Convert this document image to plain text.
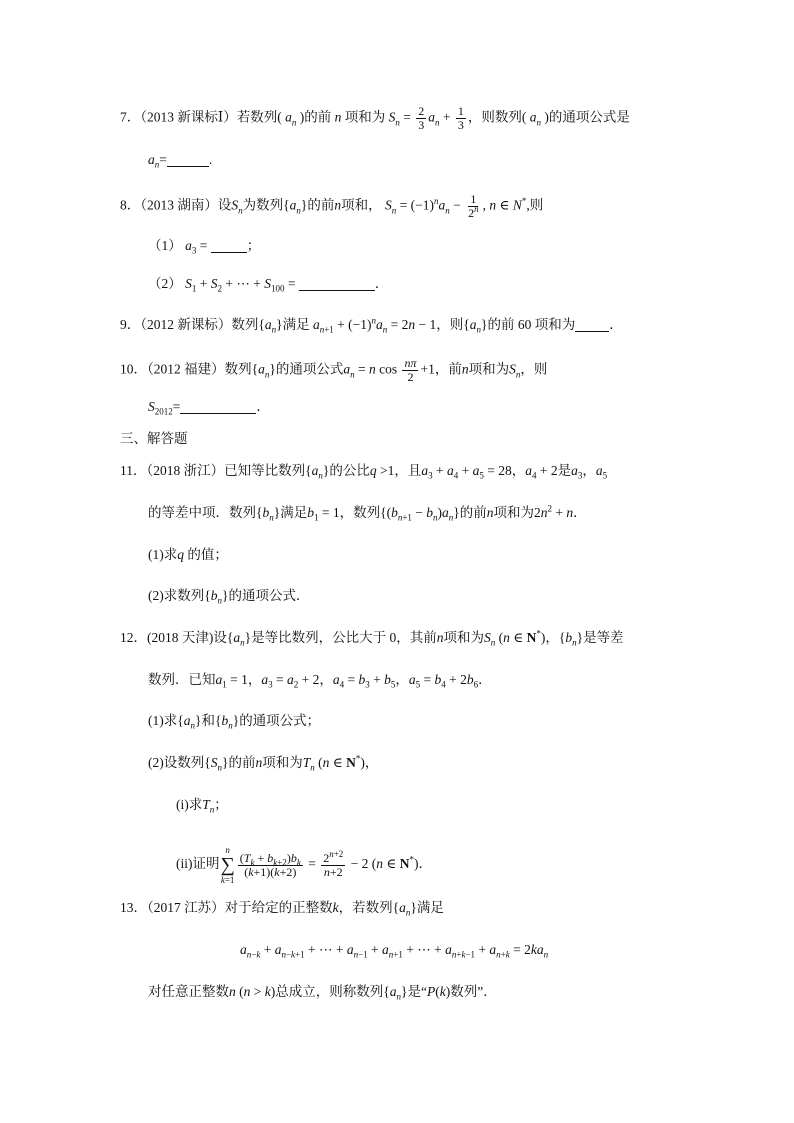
7．（2013 新课标Ⅰ）若数列( $a_n$ )的前 n 项和为 $S_n = \frac{2}{3} a_n + \frac{1}{3}$ ，则数列( $a_n$ )的通项公式是
$a_n=$	.
8．（2013 湖南）设$S_n$为数列$\{a_n\}$的前n项和， $S_n = (-1)^na_n - \frac{1}{2^n}$ , n ∈ N*,则
（1） $a_3$ =	；
（2） $S_1 + S_2$ + ⋯ + $S_{100}$ =	．
9．（2012 新课标）数列$\{a_n\}$满足 $a_{n+1} + (-1)^na_n = 2n - 1$，则$\{a_n\}$的前 60 项和为	．
10．（2012 福建）数列$\{a_n\}$的通项公式$a_n = n$ $\cos \frac{n\pi}{2} +1$，前n项和为$S_n$，则
$S_{2012}=$	．
三、解答题
11．（2018 浙江）已知等比数列$\{a_n\}$的公比q >1，且$a_3 + a_4 + a_5 = 28$，$a_4 + 2$是$a_3$，$a_5$
的等差中项．数列$\{b_n\}$满足$b_1 = 1$，数列$\{(b_{n+1} - b_n)a_n\}$的前n项和为$2n^2 + n$．
(1)求q 的值；
(2)求数列$\{b_n\}$的通项公式．
12．(2018 天津)设$\{a_n\}$是等比数列，公比大于 0，其前n项和为$S_n$ (n ∈ N*)，$\{b_n\}$是等差
数列．已知$a_1 = 1$，$a_3 = a_2 + 2$，$a_4 = b_3 + b_5$，$a_5 = b_4 + 2b_6$．
(1)求$\{a_n\}$和$\{b_n\}$的通项公式；
(2)设数列$\{S_n\}$的前n项和为$T_n$ (n ∈ N*)，
(i)求$T_n$；
(ii)证明
n
∑
k=1
$\frac{(T_k + b_{k+2})b_k}{(k+1)(k+2)} = \frac{2^{n+2}}{n+2} - 2$ (n ∈ N*)．
13．（2017 江苏）对于给定的正整数k，若数列$\{a_n\}$满足
$a_{n-k} + a_{n-k+1}$ + ⋯ + $a_{n-1} + a_{n+1}$ + ⋯ + $a_{n+k-1} + a_{n+k} = 2ka_n$
对任意正整数n (n > k)总成立，则称数列$\{a_n\}$是“P(k)数列”．
